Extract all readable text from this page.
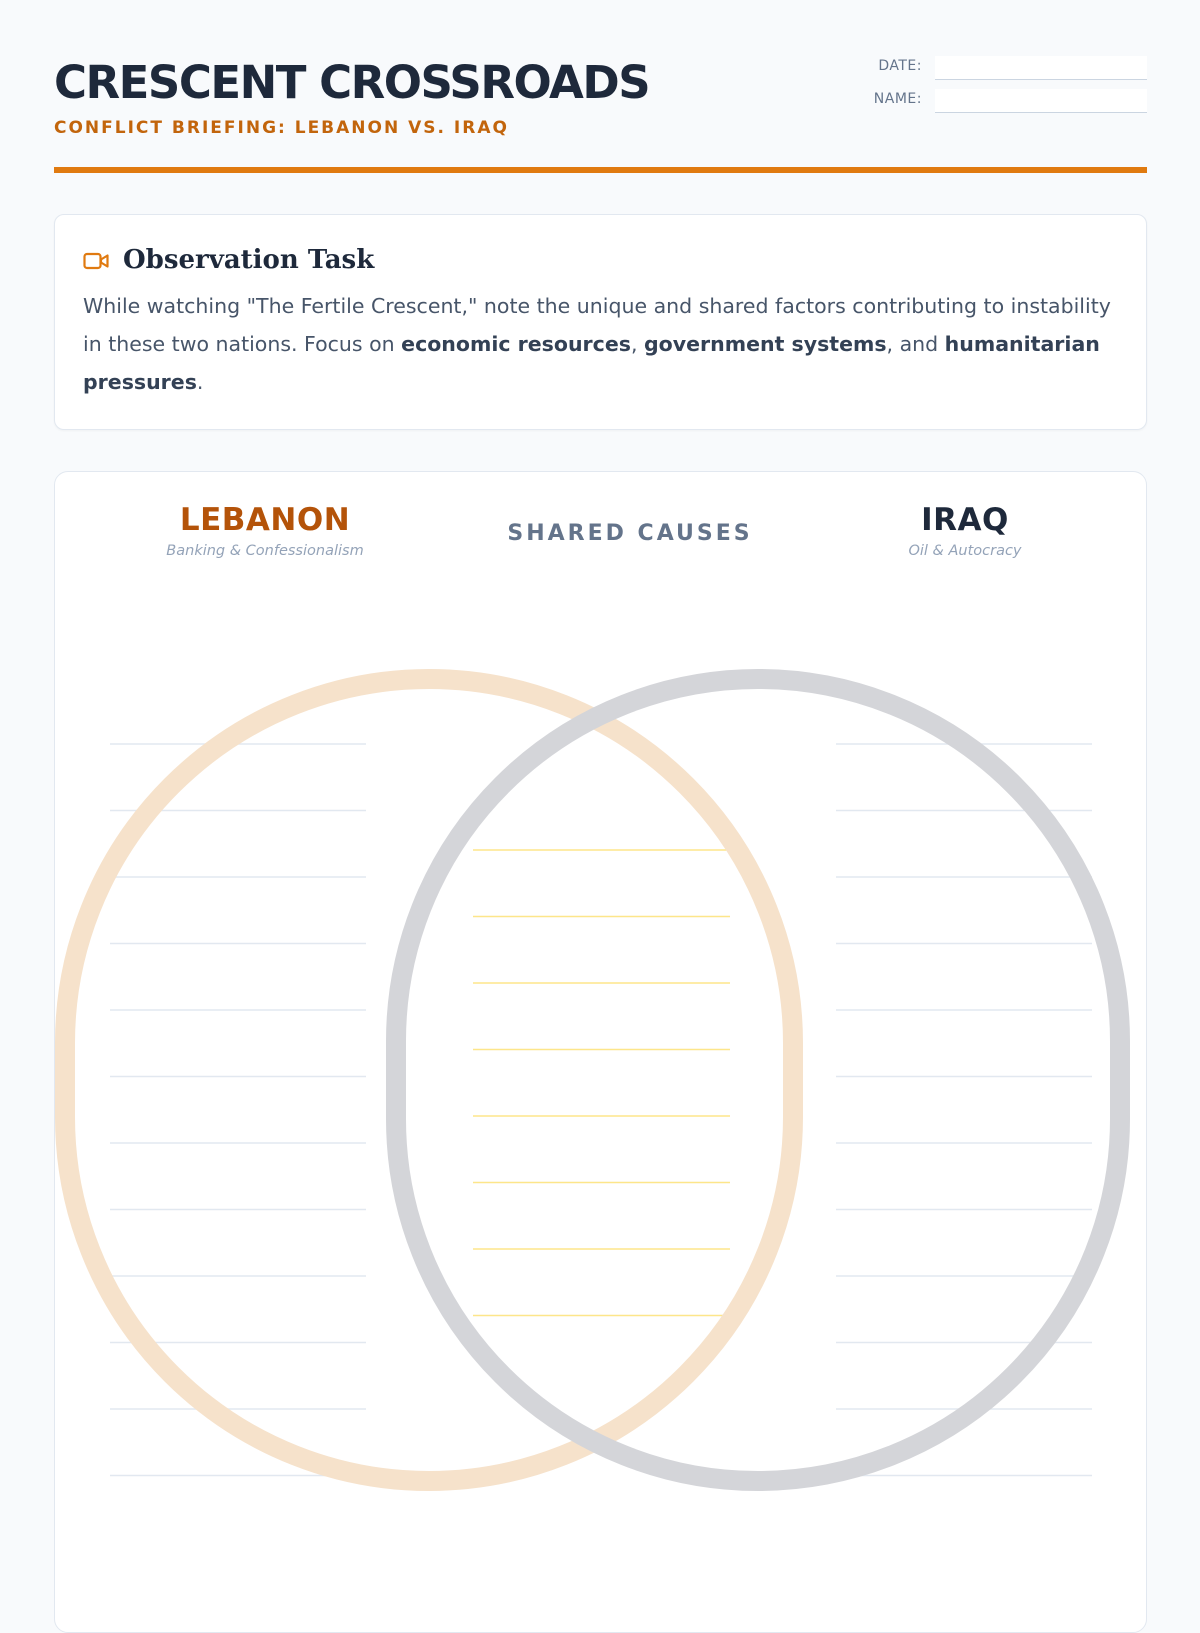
CRESCENT CROSSROADS
CONFLICT BRIEFING: LEBANON VS. IRAQ
DATE:
NAME:
Observation Task
While watching "The Fertile Crescent," note the unique and shared factors contributing to instability in these two nations. Focus on economic resources, government systems, and humanitarian pressures.
LEBANON
Banking & Confessionalism
SHARED CAUSES	IRAQ
Oil & Autocracy
